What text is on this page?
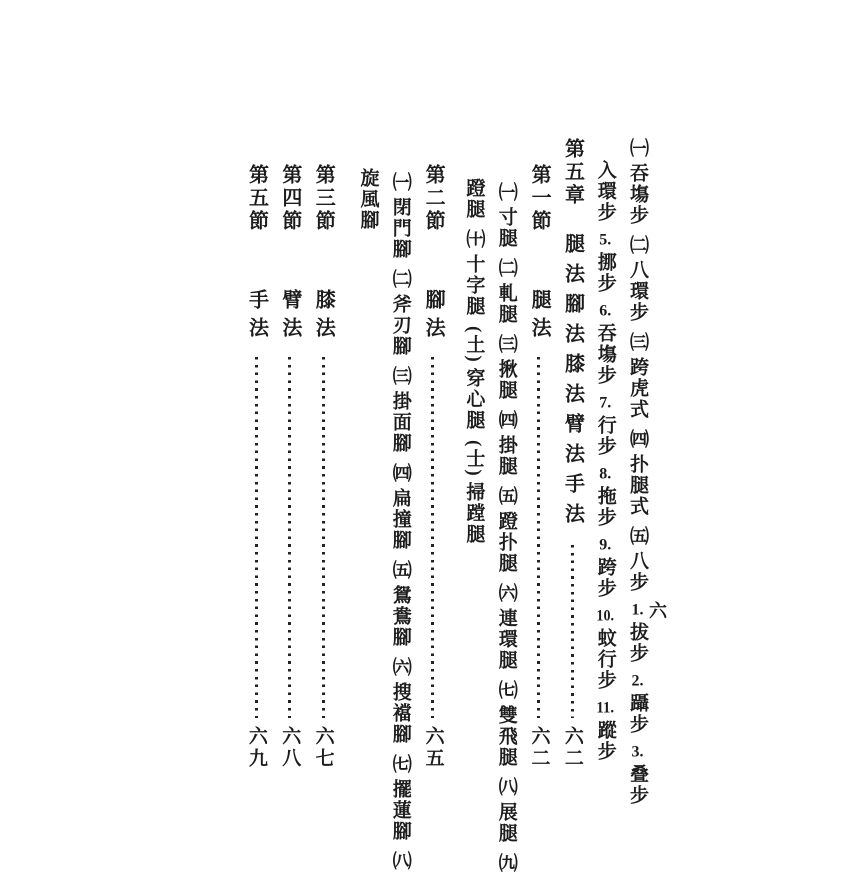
六
㈠吞塲步
㈡八環步
㈢跨虎式
㈣扑腿式
㈤八步
1.拔步
2.躡步
3.叠步
入環步
5.挪步
6.吞塲步
7.行步
8.拖步
9.跨步
10.蚊行步
11.蹤步
第五章
腿法腳法膝法臂法手法
六二
第一節
腿法
六二
㈠寸腿
㈡軋腿
㈢揪腿
㈣掛腿
㈤蹬扑腿
㈥連環腿
㈦雙飛腿
㈧展腿
㈨
蹬腿
㈩十字腿
(土)穿心腿
(士)掃蹚腿
第二節
腳法
六五
㈠閉門腳
㈡斧刃腳
㈢掛面腳
㈣扁撞腳
㈤鴛鴦腳
㈥搜襠腳
㈦擺蓮腳
㈧
旋風腳
第三節
膝法
六七
第四節
臂法
六八
第五節
手法
六九
